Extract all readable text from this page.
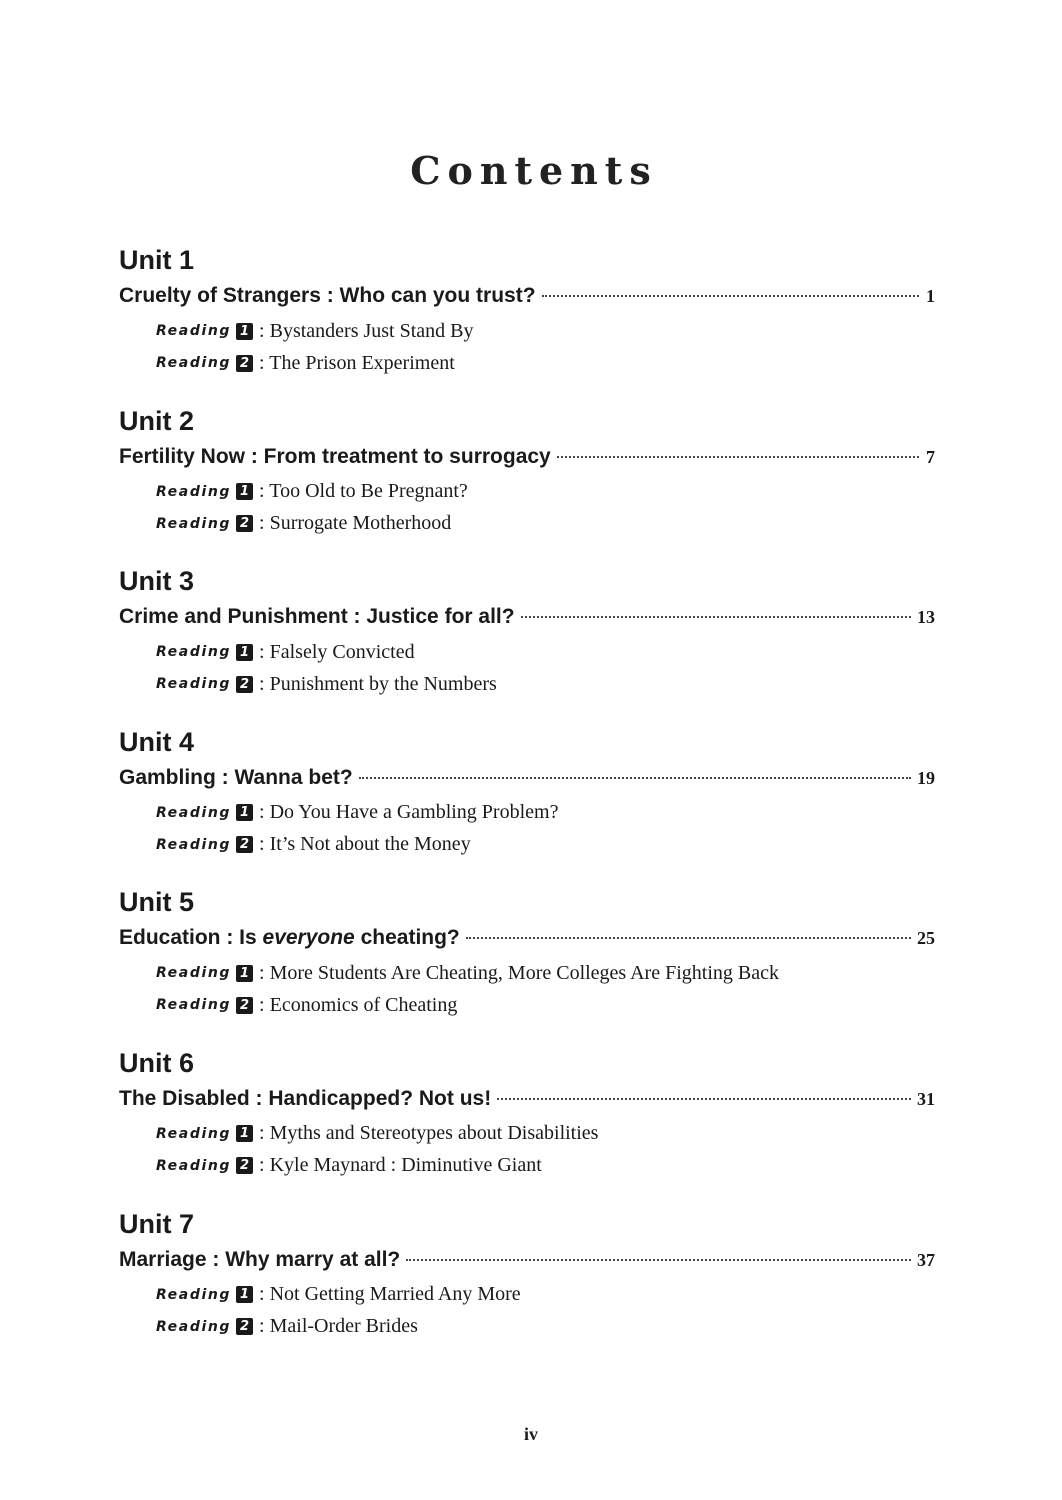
Contents
Unit 1
Cruelty of Strangers : Who can you trust?	1
Reading 1 : Bystanders Just Stand By
Reading 2 : The Prison Experiment
Unit 2
Fertility Now : From treatment to surrogacy	7
Reading 1 : Too Old to Be Pregnant?
Reading 2 : Surrogate Motherhood
Unit 3
Crime and Punishment : Justice for all?	13
Reading 1 : Falsely Convicted
Reading 2 : Punishment by the Numbers
Unit 4
Gambling : Wanna bet?	19
Reading 1 : Do You Have a Gambling Problem?
Reading 2 : It’s Not about the Money
Unit 5
Education : Is everyone cheating?	25
Reading 1 : More Students Are Cheating, More Colleges Are Fighting Back
Reading 2 : Economics of Cheating
Unit 6
The Disabled : Handicapped? Not us!	31
Reading 1 : Myths and Stereotypes about Disabilities
Reading 2 : Kyle Maynard : Diminutive Giant
Unit 7
Marriage : Why marry at all?	37
Reading 1 : Not Getting Married Any More
Reading 2 : Mail-Order Brides
iv
